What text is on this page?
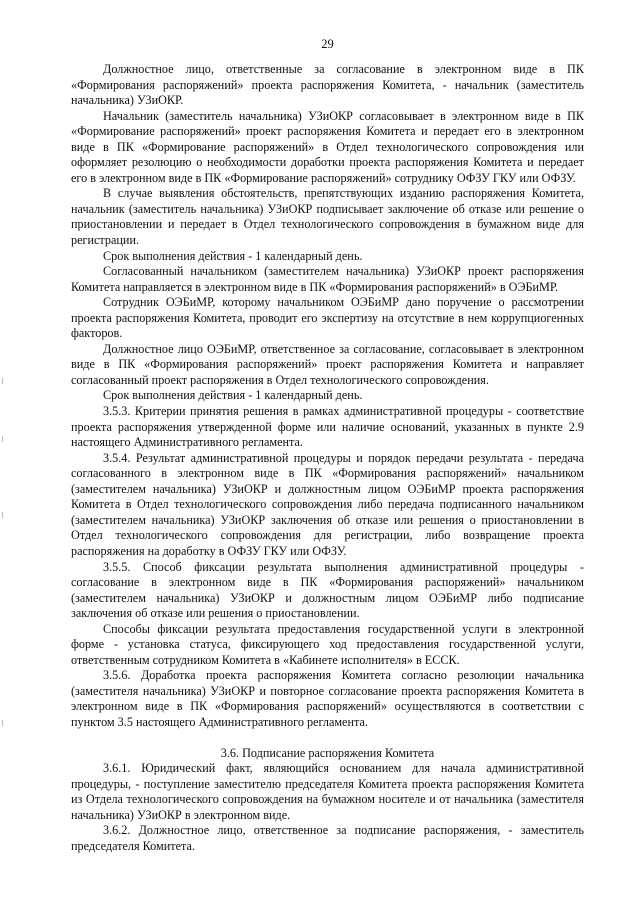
29

Должностное лицо, ответственные за согласование в электронном виде в ПК «Формирования распоряжений» проекта распоряжения Комитета, - начальник (заместитель начальника) УЗиОКР.

Начальник (заместитель начальника) УЗиОКР согласовывает в электронном виде в ПК «Формирование распоряжений» проект распоряжения Комитета и передает его в электронном виде в ПК «Формирование распоряжений» в Отдел технологического сопровождения или оформляет резолюцию о необходимости доработки проекта распоряжения Комитета и передает его в электронном виде в ПК «Формирование распоряжений» сотруднику ОФЗУ ГКУ или ОФЗУ.

В случае выявления обстоятельств, препятствующих изданию распоряжения Комитета, начальник (заместитель начальника) УЗиОКР подписывает заключение об отказе или решение о приостановлении и передает в Отдел технологического сопровождения в бумажном виде для регистрации.

Срок выполнения действия - 1 календарный день.

Согласованный начальником (заместителем начальника) УЗиОКР проект распоряжения Комитета направляется в электронном виде в ПК «Формирования распоряжений» в ОЭБиМР.

Сотрудник ОЭБиМР, которому начальником ОЭБиМР дано поручение о рассмотрении проекта распоряжения Комитета, проводит его экспертизу на отсутствие в нем коррупциогенных факторов.

Должностное лицо ОЭБиМР, ответственное за согласование, согласовывает в электронном виде в ПК «Формирования распоряжений» проект распоряжения Комитета и направляет согласованный проект распоряжения в Отдел технологического сопровождения.

Срок выполнения действия - 1 календарный день.

3.5.3. Критерии принятия решения в рамках административной процедуры - соответствие проекта распоряжения утвержденной форме или наличие оснований, указанных в пункте 2.9 настоящего Административного регламента.

3.5.4. Результат административной процедуры и порядок передачи результата - передача согласованного в электронном виде в ПК «Формирования распоряжений» начальником (заместителем начальника) УЗиОКР и должностным лицом ОЭБиМР проекта распоряжения Комитета в Отдел технологического сопровождения либо передача подписанного начальником (заместителем начальника) УЗиОКР заключения об отказе или решения о приостановлении в Отдел технологического сопровождения для регистрации, либо возвращение проекта распоряжения на доработку в ОФЗУ ГКУ или ОФЗУ.

3.5.5. Способ фиксации результата выполнения административной процедуры - согласование в электронном виде в ПК «Формирования распоряжений» начальником (заместителем начальника) УЗиОКР и должностным лицом ОЭБиМР либо подписание заключения об отказе или решения о приостановлении.

Способы фиксации результата предоставления государственной услуги в электронной форме - установка статуса, фиксирующего ход предоставления государственной услуги, ответственным сотрудником Комитета в «Кабинете исполнителя» в ЕССК.

3.5.6. Доработка проекта распоряжения Комитета согласно резолюции начальника (заместителя начальника) УЗиОКР и повторное согласование проекта распоряжения Комитета в электронном виде в ПК «Формирования распоряжений» осуществляются в соответствии с пунктом 3.5 настоящего Административного регламента.

3.6. Подписание распоряжения Комитета

3.6.1. Юридический факт, являющийся основанием для начала административной процедуры, - поступление заместителю председателя Комитета проекта распоряжения Комитета из Отдела технологического сопровождения на бумажном носителе и от начальника (заместителя начальника) УЗиОКР в электронном виде.

3.6.2. Должностное лицо, ответственное за подписание распоряжения, - заместитель председателя Комитета.
